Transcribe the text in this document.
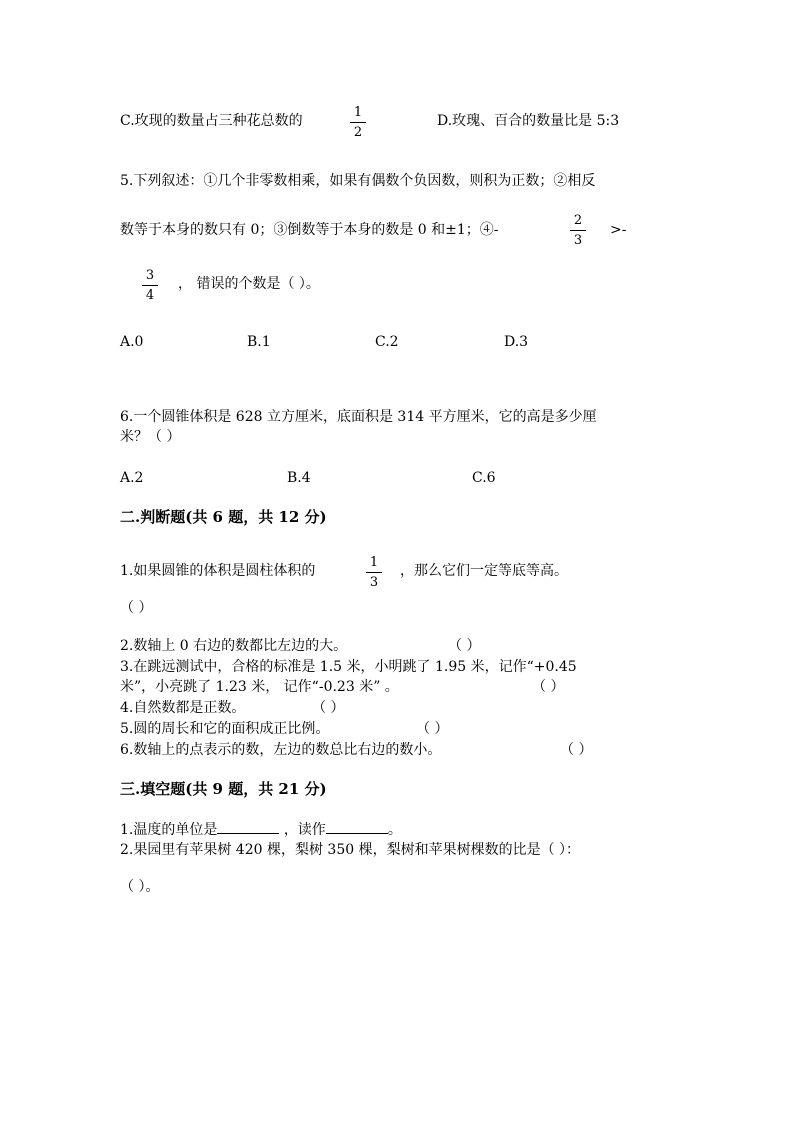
C.玫现的数量占三种花总数的
1
2
D.玫瑰、百合的数量比是 5:3
5.下列叙述：①几个非零数相乘，如果有偶数个负因数，则积为正数；②相反
数等于本身的数只有 0；③倒数等于本身的数是 0 和±1；④-
2
3
>-
3
4
， 错误的个数是（ ）。
A.0	B.1	C.2	D.3
6.一个圆锥体积是 628 立方厘米，底面积是 314 平方厘米，它的高是多少厘
米？（ ）
A.2	B.4	C.6
二.判断题(共 6 题，共 12 分)
1.如果圆锥的体积是圆柱体积的
1
3
，那么它们一定等底等高。
（ ）
2.数轴上 0 右边的数都比左边的大。	（ ）
3.在跳远测试中，合格的标准是 1.5 米，小明跳了 1.95 米，记作“+0.45
米”，小亮跳了 1.23 米， 记作“-0.23 米” 。	（ ）
4.自然数都是正数。	（ ）
5.圆的周长和它的面积成正比例。	（ ）
6.数轴上的点表示的数，左边的数总比右边的数小。	（ ）
三.填空题(共 9 题，共 21 分)
1.温度的单位是	，读作	。
2.果园里有苹果树 420 棵，梨树 350 棵，梨树和苹果树棵数的比是（ ）：
（ ）。
